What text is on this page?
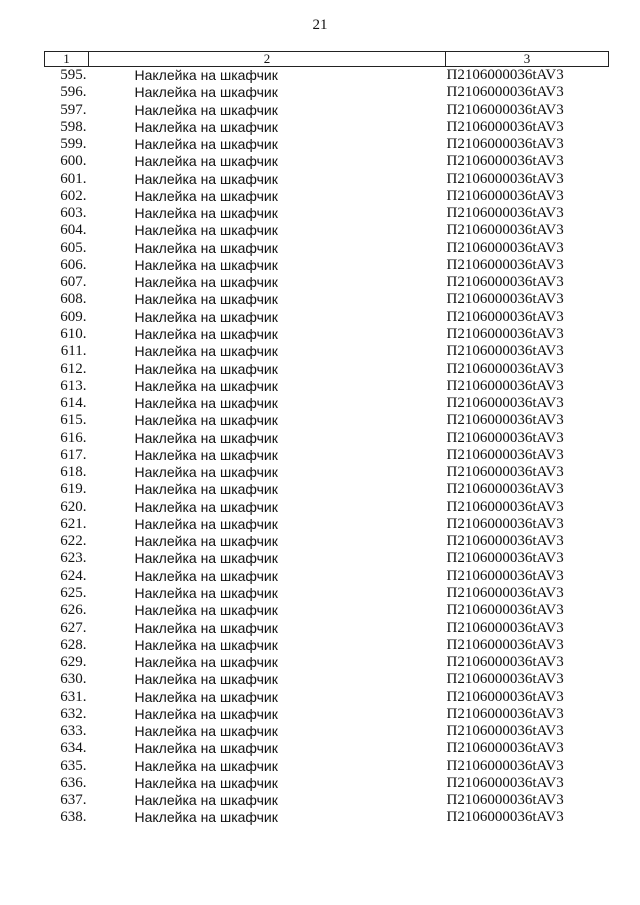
21
1	2	3
595.	Наклейка на шкафчик	П2106000036tAV3
596.	Наклейка на шкафчик	П2106000036tAV3
597.	Наклейка на шкафчик	П2106000036tAV3
598.	Наклейка на шкафчик	П2106000036tAV3
599.	Наклейка на шкафчик	П2106000036tAV3
600.	Наклейка на шкафчик	П2106000036tAV3
601.	Наклейка на шкафчик	П2106000036tAV3
602.	Наклейка на шкафчик	П2106000036tAV3
603.	Наклейка на шкафчик	П2106000036tAV3
604.	Наклейка на шкафчик	П2106000036tAV3
605.	Наклейка на шкафчик	П2106000036tAV3
606.	Наклейка на шкафчик	П2106000036tAV3
607.	Наклейка на шкафчик	П2106000036tAV3
608.	Наклейка на шкафчик	П2106000036tAV3
609.	Наклейка на шкафчик	П2106000036tAV3
610.	Наклейка на шкафчик	П2106000036tAV3
611.	Наклейка на шкафчик	П2106000036tAV3
612.	Наклейка на шкафчик	П2106000036tAV3
613.	Наклейка на шкафчик	П2106000036tAV3
614.	Наклейка на шкафчик	П2106000036tAV3
615.	Наклейка на шкафчик	П2106000036tAV3
616.	Наклейка на шкафчик	П2106000036tAV3
617.	Наклейка на шкафчик	П2106000036tAV3
618.	Наклейка на шкафчик	П2106000036tAV3
619.	Наклейка на шкафчик	П2106000036tAV3
620.	Наклейка на шкафчик	П2106000036tAV3
621.	Наклейка на шкафчик	П2106000036tAV3
622.	Наклейка на шкафчик	П2106000036tAV3
623.	Наклейка на шкафчик	П2106000036tAV3
624.	Наклейка на шкафчик	П2106000036tAV3
625.	Наклейка на шкафчик	П2106000036tAV3
626.	Наклейка на шкафчик	П2106000036tAV3
627.	Наклейка на шкафчик	П2106000036tAV3
628.	Наклейка на шкафчик	П2106000036tAV3
629.	Наклейка на шкафчик	П2106000036tAV3
630.	Наклейка на шкафчик	П2106000036tAV3
631.	Наклейка на шкафчик	П2106000036tAV3
632.	Наклейка на шкафчик	П2106000036tAV3
633.	Наклейка на шкафчик	П2106000036tAV3
634.	Наклейка на шкафчик	П2106000036tAV3
635.	Наклейка на шкафчик	П2106000036tAV3
636.	Наклейка на шкафчик	П2106000036tAV3
637.	Наклейка на шкафчик	П2106000036tAV3
638.	Наклейка на шкафчик	П2106000036tAV3
